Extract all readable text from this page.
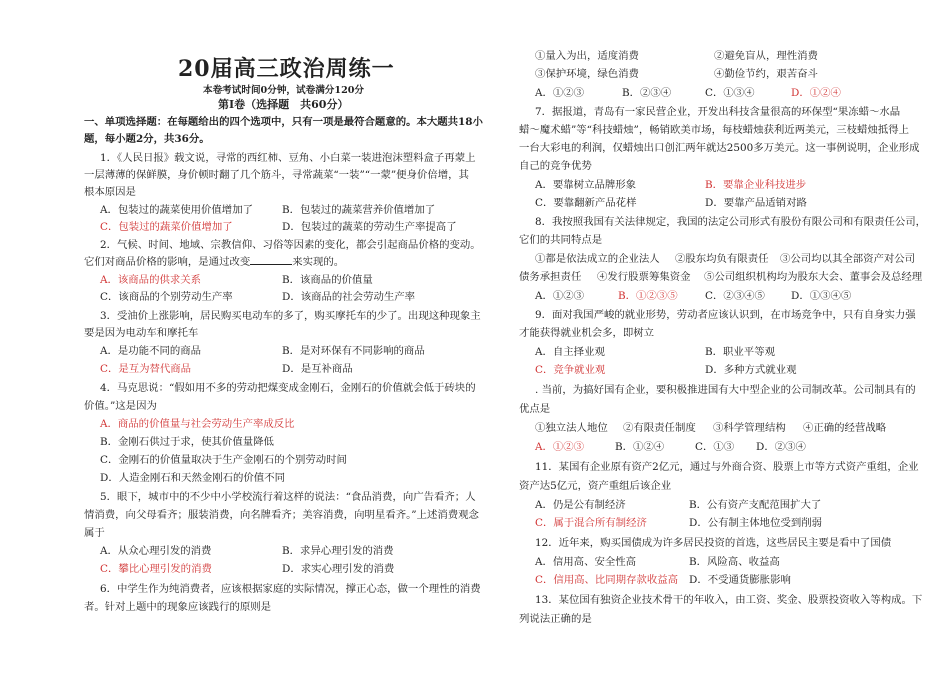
20届高三政治周练一
本卷考试时间0分钟，试卷满分120分
第Ⅰ卷（选择题　共60分）
一、单项选择题：在每题给出的四个选项中，只有一项是最符合题意的。本大题共18小
题，每小题2分，共36分。
1．《人民日报》载文说，寻常的西红柿、豆角、小白菜一装进泡沫塑料盒子再蒙上
一层薄薄的保鲜膜，身价顿时翻了几个筋斗，寻常蔬菜“一装”“一蒙”便身价倍增，其
根本原因是
A．包装过的蔬菜使用价值增加了	B．包装过的蔬菜营养价值增加了
C．包装过的蔬菜价值增加了	D．包装过的蔬菜的劳动生产率提高了
2．气候、时间、地域、宗教信仰、习俗等因素的变化，都会引起商品价格的变动。
它们对商品价格的影响，是通过改变	来实现的。
A．该商品的供求关系	B．该商品的价值量
C．该商品的个别劳动生产率	D．该商品的社会劳动生产率
3．受油价上涨影响，居民购买电动车的多了，购买摩托车的少了。出现这种现象主
要是因为电动车和摩托车
A．是功能不同的商品	B．是对环保有不同影响的商品
C．是互为替代商品	D．是互补商品
4．马克思说：“假如用不多的劳动把煤变成金刚石，金刚石的价值就会低于砖块的
价值。”这是因为
A．商品的价值量与社会劳动生产率成反比
B．金刚石供过于求，使其价值量降低
C．金刚石的价值量取决于生产金刚石的个别劳动时间
D．人造金刚石和天然金刚石的价值不同
5．眼下，城市中的不少中小学校流行着这样的说法：“食品消费，向广告看齐；人
情消费，向父母看齐；服装消费，向名牌看齐；美容消费，向明星看齐。”上述消费观念
属于
A．从众心理引发的消费	B．求异心理引发的消费
C．攀比心理引发的消费	D．求实心理引发的消费
6．中学生作为纯消费者，应该根据家庭的实际情况，撑正心态，做一个理性的消费
者。针对上题中的现象应该践行的原则是
①量入为出，适度消费	②避免盲从，理性消费
③保护环境，绿色消费	④勤俭节约，艰苦奋斗
A．①②③	B．②③④	C．①③④	D．①②④
7．据报道，青岛有一家民营企业，开发出科技含量很高的环保型“果冻蜡～水晶
蜡～魔术蜡”等“科技蜡烛”，畅销欧美市场，每枝蜡烛获利近两美元，三枝蜡烛抵得上
一台大彩电的利润，仅蜡烛出口创汇两年就达2500多万美元。这一事例说明，企业形成
自己的竞争优势
A．要靠树立品牌形象	B．要靠企业科技进步
C．要靠翻新产品花样	D．要靠产品适销对路
8．我按照我国有关法律规定，我国的法定公司形式有股份有限公司和有限责任公司，
它们的共同特点是
①都是依法成立的企业法人 ②股东均负有限责任 ③公司均以其全部资产对公司
债务承担责任 ④发行股票筹集资金 ⑤公司组织机构均为股东大会、董事会及总经理
A．①②③	B．①②③⑤	C．②③④⑤	D．①③④⑤
9．面对我国严峻的就业形势，劳动者应该认识到，在市场竞争中，只有自身实力强
才能获得就业机会多，即树立
A．自主择业观	B．职业平等观
C．竞争就业观	D．多种方式就业观
. 当前，为搞好国有企业，要积极推进国有大中型企业的公司制改革。公司制具有的
优点是
①独立法人地位 ②有限责任制度 ③科学管理结构 ④正确的经营战略
A．①②③	B．①②④	C．①③ D．②③④
11．某国有企业原有资产2亿元，通过与外商合资、股票上市等方式资产重组，企业
资产达5亿元，资产重组后该企业
A．仍是公有制经济	B．公有资产支配范围扩大了
C．属于混合所有制经济	D．公有制主体地位受到削弱
12．近年来，购买国债成为许多居民投资的首选，这些居民主要是看中了国债
A．信用高、安全性高	B．风险高、收益高
C．信用高、比同期存款收益高 D．不受通货膨胀影响
13．某位国有独资企业技术骨干的年收入，由工资、奖金、股票投资收入等构成。下
列说法正确的是
